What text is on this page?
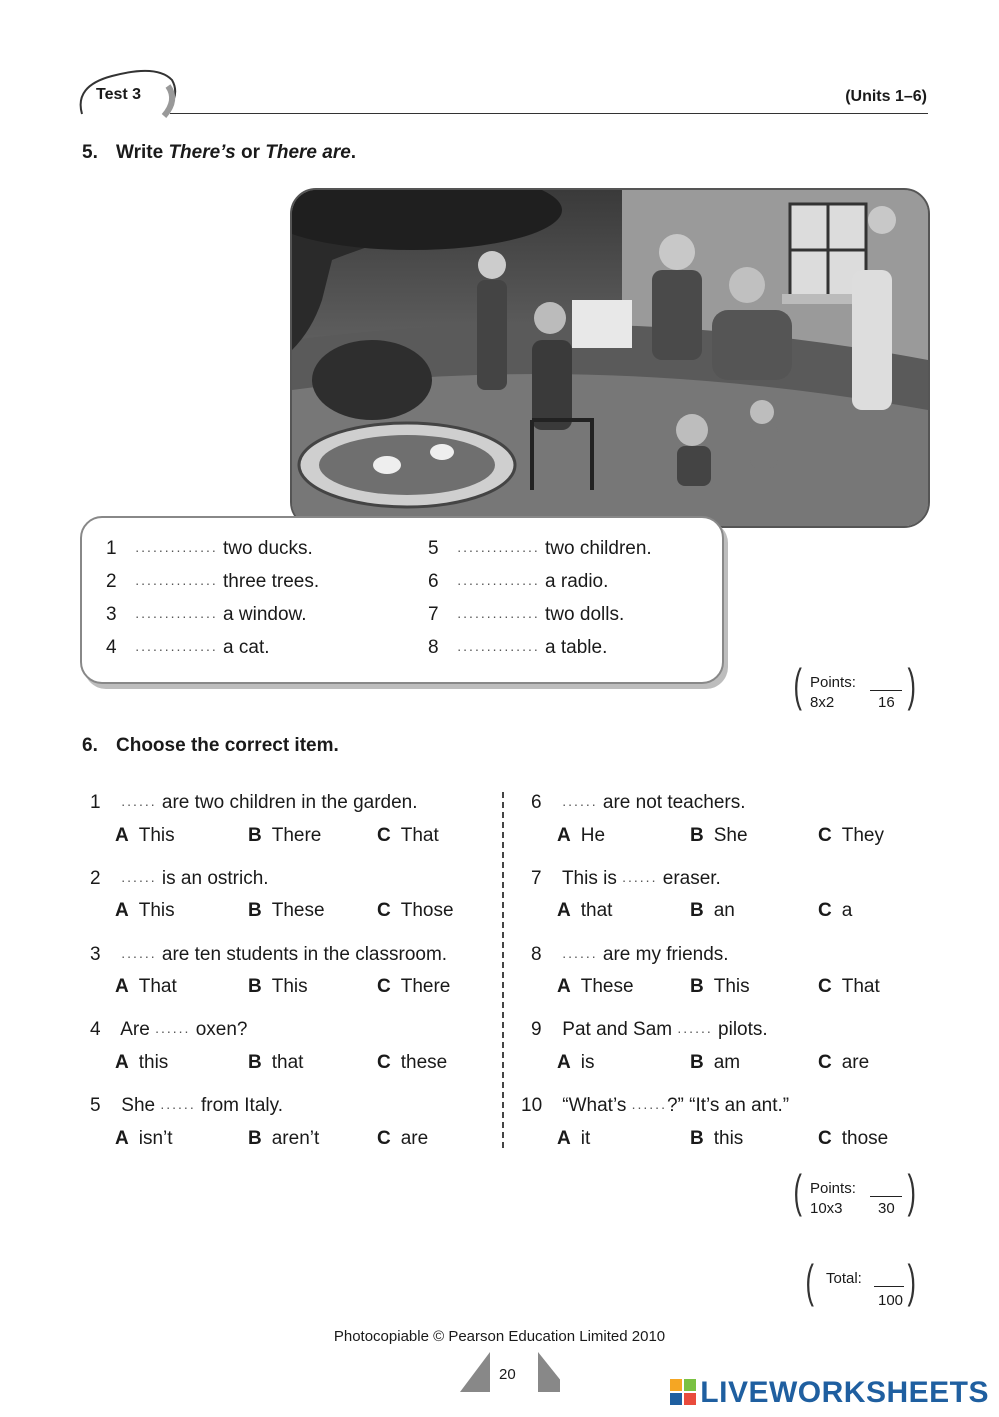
Test 3	(Units 1–6)
5. Write There’s or There are.
1 .............. two ducks.
2 .............. three trees.
3 .............. a window.
4 .............. a cat.
5 .............. two children.
6 .............. a radio.
7 .............. two dolls.
8 .............. a table.
( Points:
8x2	16 )
6. Choose the correct item.
1 ...... are two children in the garden.
A This	B There	C That
2 ...... is an ostrich.
A This	B These	C Those
3 ...... are ten students in the classroom.
A That	B This	C There
4 Are ...... oxen?
A this	B that	C these
5 She ...... from Italy.
A isn’t	B aren’t	C are
6 ...... are not teachers.
A He	B She	C They
7 This is ...... eraser.
A that	B an	C a
8 ...... are my friends.
A These	B This	C That
9 Pat and Sam ...... pilots.
A is	B am	C are
10 “What’s ......?” “It’s an ant.”
A it	B this	C those
( Points:
10x3 30 )
( Total:
100 )
Photocopiable © Pearson Education Limited 2010
20
LIVEWORKSHEETS
